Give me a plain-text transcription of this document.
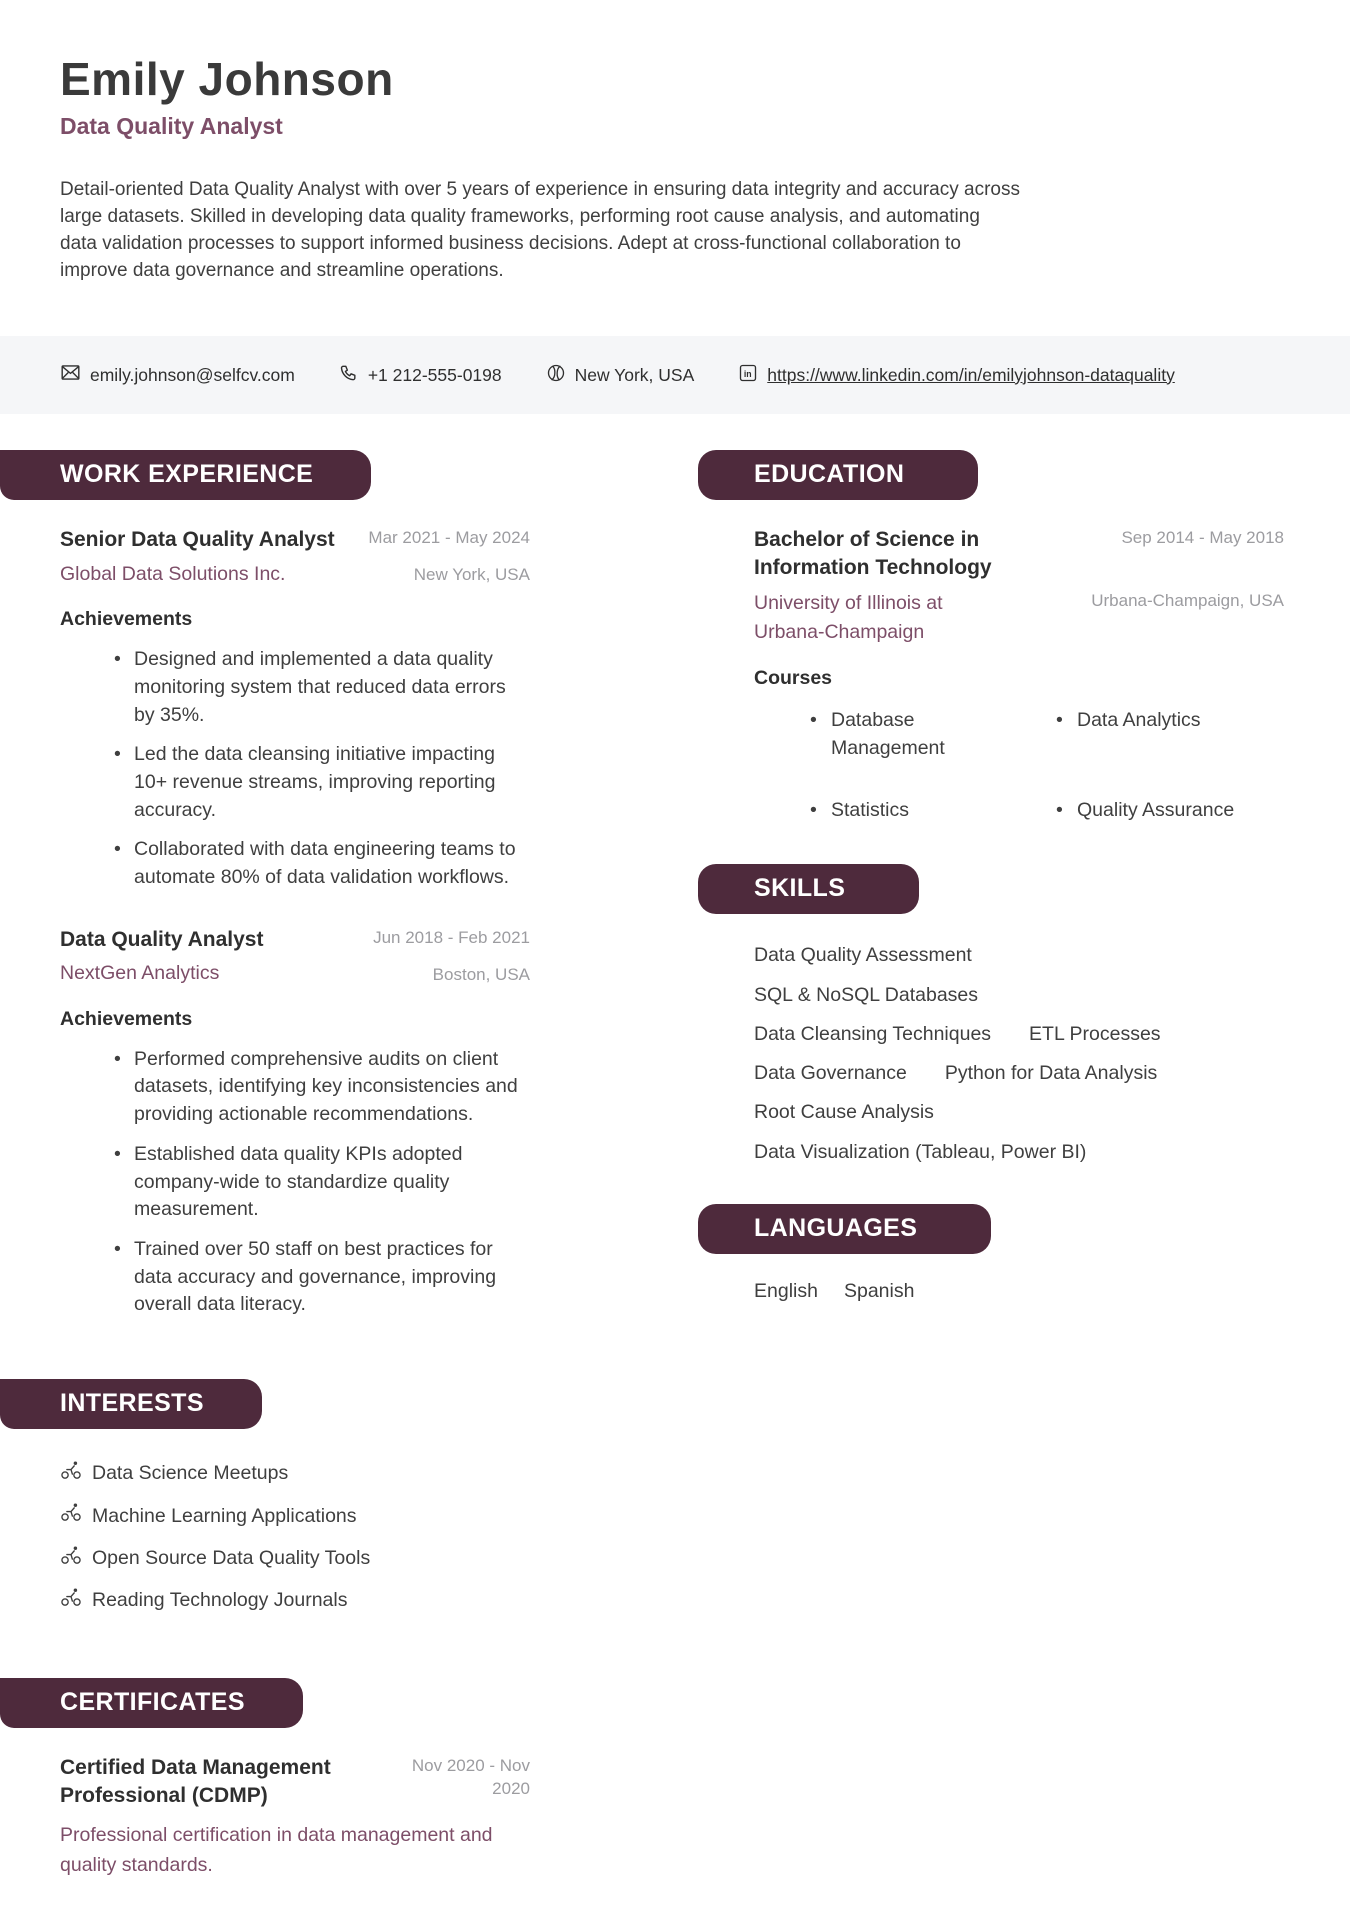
Emily Johnson
Data Quality Analyst

Detail-oriented Data Quality Analyst with over 5 years of experience in ensuring data integrity and accuracy across large datasets. Skilled in developing data quality frameworks, performing root cause analysis, and automating data validation processes to support informed business decisions. Adept at cross-functional collaboration to improve data governance and streamline operations.

emily.johnson@selfcv.com	+1 212-555-0198	New York, USA	in https://www.linkedin.com/in/emilyjohnson-dataquality
WORK EXPERIENCE
Senior Data Quality Analyst
Global Data Solutions Inc.
Mar 2021 - May 2024
New York, USA
Achievements
• Designed and implemented a data quality monitoring system that reduced data errors by 35%.
• Led the data cleansing initiative impacting 10+ revenue streams, improving reporting accuracy.
• Collaborated with data engineering teams to automate 80% of data validation workflows.
Data Quality Analyst
NextGen Analytics
Jun 2018 - Feb 2021
Boston, USA
Achievements
• Performed comprehensive audits on client datasets, identifying key inconsistencies and providing actionable recommendations.
• Established data quality KPIs adopted company-wide to standardize quality measurement.
• Trained over 50 staff on best practices for data accuracy and governance, improving overall data literacy.
INTERESTS
Data Science Meetups
Machine Learning Applications
Open Source Data Quality Tools
Reading Technology Journals
CERTIFICATES
Certified Data Management Professional (CDMP)
Nov 2020 - Nov 2020
Professional certification in data management and quality standards.
EDUCATION
Bachelor of Science in Information Technology
Sep 2014 - May 2018
University of Illinois at Urbana-Champaign
Urbana-Champaign, USA
Courses
• Database Management
• Data Analytics
• Statistics	• Quality Assurance
SKILLS
Data Quality Assessment
SQL & NoSQL Databases
Data Cleansing Techniques ETL Processes
Data Governance Python for Data Analysis
Root Cause Analysis
Data Visualization (Tableau, Power BI)
LANGUAGES
English Spanish
